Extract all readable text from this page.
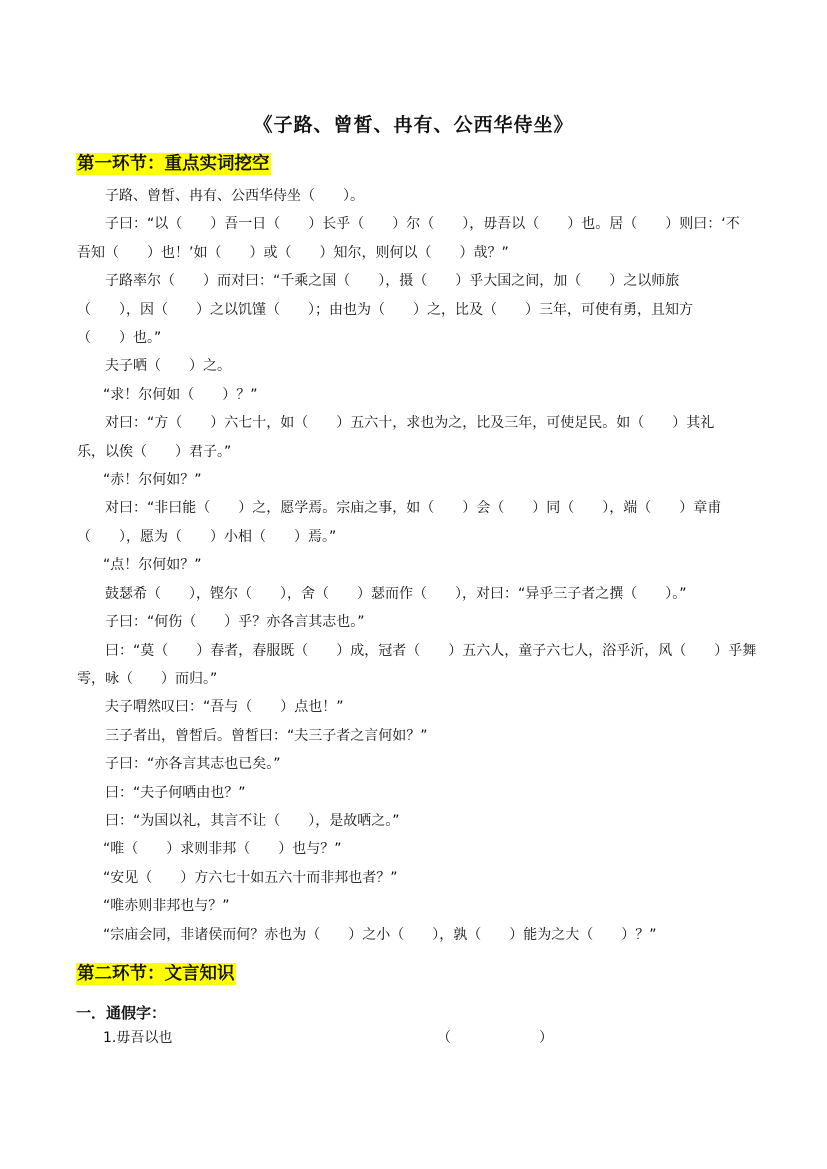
《子路、曾皙、冉有、公西华侍坐》
第一环节：重点实词挖空

子路、曾皙、冉有、公西华侍坐（　　）。

子曰：“以（　　）吾一日（　　）长乎（　　）尔（　　），毋吾以（　　）也。居（　　）则曰：‘不

吾知（　　）也！’如（　　）或（　　）知尔，则何以（　　）哉？”

子路率尔（　　）而对曰：“千乘之国（　　），摄（　　）乎大国之间，加（　　）之以师旅

（　　），因（　　）之以饥馑（　　）；由也为（　　）之，比及（　　）三年，可使有勇，且知方

（　　）也。”

夫子哂（　　）之。

“求！尔何如（　　）？”

对曰：“方（　　）六七十，如（　　）五六十，求也为之，比及三年，可使足民。如（　　）其礼

乐，以俟（　　）君子。”

“赤！尔何如？”

对曰：“非曰能（　　）之，愿学焉。宗庙之事，如（　　）会（　　）同（　　），端（　　）章甫

（　　），愿为（　　）小相（　　）焉。”

“点！尔何如？”

鼓瑟希（　　），铿尔（　　），舍（　　）瑟而作（　　），对曰：“异乎三子者之撰（　　）。”

子曰：“何伤（　　）乎？亦各言其志也。”

曰：“莫（　　）春者，春服既（　　）成，冠者（　　）五六人，童子六七人，浴乎沂，风（　　）乎舞

雩，咏（　　）而归。”

夫子喟然叹曰：“吾与（　　）点也！”

三子者出，曾皙后。曾皙曰：“夫三子者之言何如？”

子曰：“亦各言其志也已矣。”

曰：“夫子何哂由也？”

曰：“为国以礼，其言不让（　　），是故哂之。”

“唯（　　）求则非邦（　　）也与？”

“安见（　　）方六七十如五六十而非邦也者？”

“唯赤则非邦也与？”

“宗庙会同，非诸侯而何？赤也为（　　）之小（　　），孰（　　）能为之大（　　）？”

第二环节：文言知识
一．通假字：
1.毋吾以也	（	）
